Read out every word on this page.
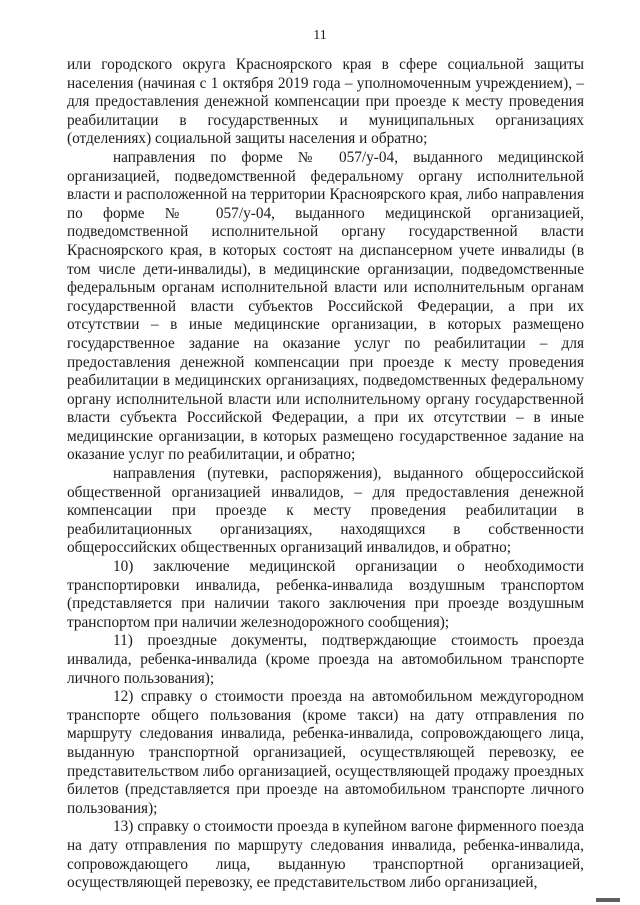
11

или городского округа Красноярского края в сфере социальной защиты населения (начиная с 1 октября 2019 года – уполномоченным учреждением), – для предоставления денежной компенсации при проезде к месту проведения реабилитации в государственных и муниципальных организациях (отделениях) социальной защиты населения и обратно;

направления по форме № 057/у-04, выданного медицинской организацией, подведомственной федеральному органу исполнительной власти и расположенной на территории Красноярского края, либо направления по форме № 057/у-04, выданного медицинской организацией, подведомственной исполнительной органу государственной власти Красноярского края, в которых состоят на диспансерном учете инвалиды (в том числе дети-инвалиды), в медицинские организации, подведомственные федеральным органам исполнительной власти или исполнительным органам государственной власти субъектов Российской Федерации, а при их отсутствии – в иные медицинские организации, в которых размещено государственное задание на оказание услуг по реабилитации – для предоставления денежной компенсации при проезде к месту проведения реабилитации в медицинских организациях, подведомственных федеральному органу исполнительной власти или исполнительному органу государственной власти субъекта Российской Федерации, а при их отсутствии – в иные медицинские организации, в которых размещено государственное задание на оказание услуг по реабилитации, и обратно;

направления (путевки, распоряжения), выданного общероссийской общественной организацией инвалидов, – для предоставления денежной компенсации при проезде к месту проведения реабилитации в реабилитационных организациях, находящихся в собственности общероссийских общественных организаций инвалидов, и обратно;

10) заключение медицинской организации о необходимости транспортировки инвалида, ребенка-инвалида воздушным транспортом (представляется при наличии такого заключения при проезде воздушным транспортом при наличии железнодорожного сообщения);

11) проездные документы, подтверждающие стоимость проезда инвалида, ребенка-инвалида (кроме проезда на автомобильном транспорте личного пользования);

12) справку о стоимости проезда на автомобильном междугородном транспорте общего пользования (кроме такси) на дату отправления по маршруту следования инвалида, ребенка-инвалида, сопровождающего лица, выданную транспортной организацией, осуществляющей перевозку, ее представительством либо организацией, осуществляющей продажу проездных билетов (представляется при проезде на автомобильном транспорте личного пользования);

13) справку о стоимости проезда в купейном вагоне фирменного поезда на дату отправления по маршруту следования инвалида, ребенка-инвалида, сопровождающего лица, выданную транспортной организацией, осуществляющей перевозку, ее представительством либо организацией,
